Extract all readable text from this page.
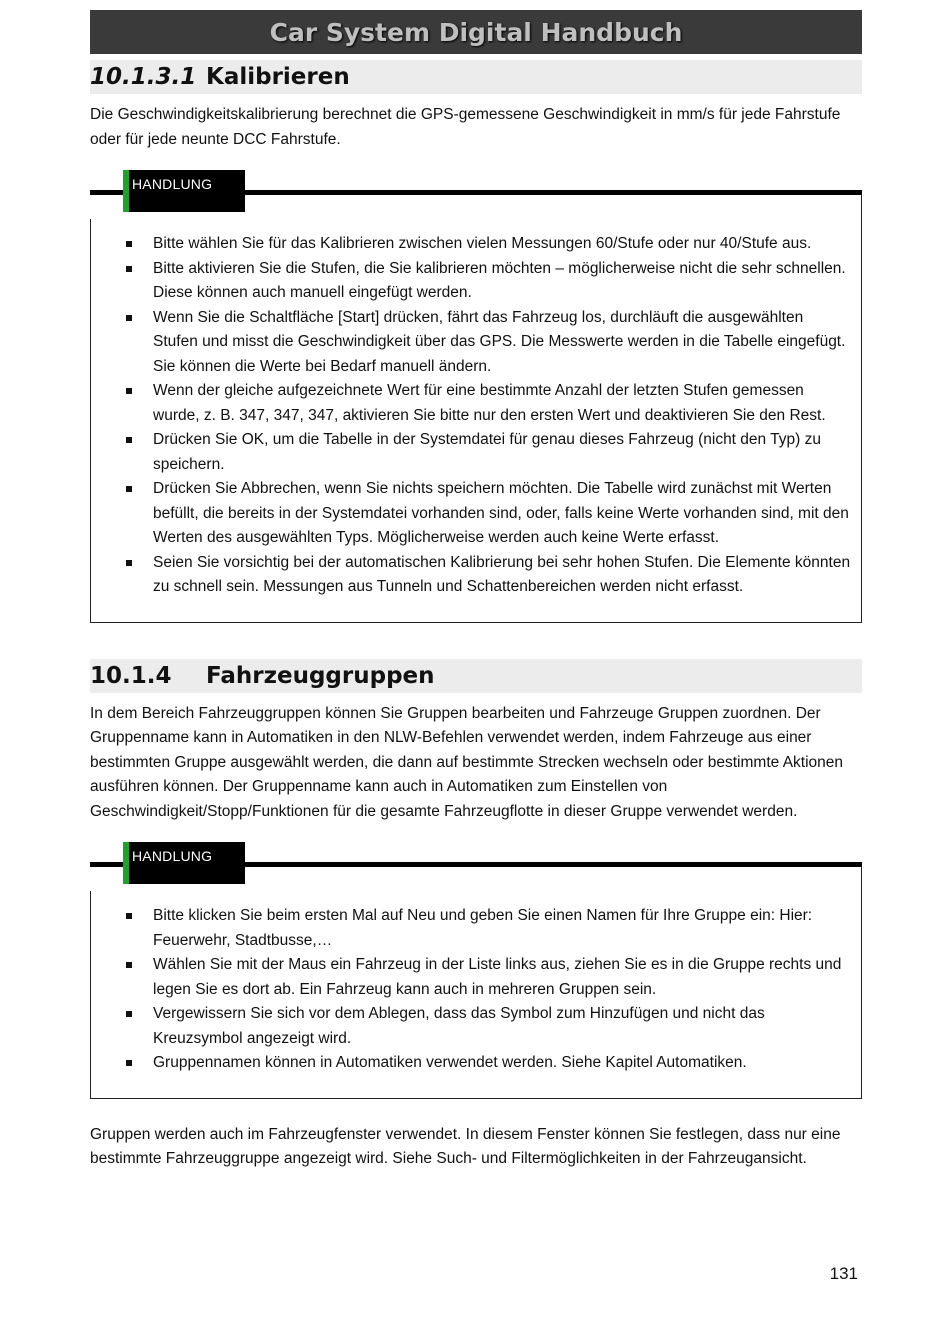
Car System Digital Handbuch
10.1.3.1 Kalibrieren

Die Geschwindigkeitskalibrierung berechnet die GPS-gemessene Geschwindigkeit in mm/s für jede Fahrstufe oder für jede neunte DCC Fahrstufe.

HANDLUNG
Bitte wählen Sie für das Kalibrieren zwischen vielen Messungen 60/Stufe oder nur 40/Stufe aus.
Bitte aktivieren Sie die Stufen, die Sie kalibrieren möchten – möglicherweise nicht die sehr schnellen. Diese können auch manuell eingefügt werden.
Wenn Sie die Schaltfläche [Start] drücken, fährt das Fahrzeug los, durchläuft die ausgewählten Stufen und misst die Geschwindigkeit über das GPS. Die Messwerte werden in die Tabelle eingefügt. Sie können die Werte bei Bedarf manuell ändern.
Wenn der gleiche aufgezeichnete Wert für eine bestimmte Anzahl der letzten Stufen gemessen wurde, z. B. 347, 347, 347, aktivieren Sie bitte nur den ersten Wert und deaktivieren Sie den Rest.
Drücken Sie OK, um die Tabelle in der Systemdatei für genau dieses Fahrzeug (nicht den Typ) zu speichern.
Drücken Sie Abbrechen, wenn Sie nichts speichern möchten. Die Tabelle wird zunächst mit Werten befüllt, die bereits in der Systemdatei vorhanden sind, oder, falls keine Werte vorhanden sind, mit den Werten des ausgewählten Typs. Möglicherweise werden auch keine Werte erfasst.
Seien Sie vorsichtig bei der automatischen Kalibrierung bei sehr hohen Stufen. Die Elemente könnten zu schnell sein. Messungen aus Tunneln und Schattenbereichen werden nicht erfasst.
10.1.4	Fahrzeuggruppen

In dem Bereich Fahrzeuggruppen können Sie Gruppen bearbeiten und Fahrzeuge Gruppen zuordnen. Der Gruppenname kann in Automatiken in den NLW-Befehlen verwendet werden, indem Fahrzeuge aus einer bestimmten Gruppe ausgewählt werden, die dann auf bestimmte Strecken wechseln oder bestimmte Aktionen ausführen können. Der Gruppenname kann auch in Automatiken zum Einstellen von Geschwindigkeit/Stopp/Funktionen für die gesamte Fahrzeugflotte in dieser Gruppe verwendet werden.

HANDLUNG
Bitte klicken Sie beim ersten Mal auf Neu und geben Sie einen Namen für Ihre Gruppe ein: Hier: Feuerwehr, Stadtbusse,…
Wählen Sie mit der Maus ein Fahrzeug in der Liste links aus, ziehen Sie es in die Gruppe rechts und legen Sie es dort ab. Ein Fahrzeug kann auch in mehreren Gruppen sein.
Vergewissern Sie sich vor dem Ablegen, dass das Symbol zum Hinzufügen und nicht das Kreuzsymbol angezeigt wird.
Gruppennamen können in Automatiken verwendet werden. Siehe Kapitel Automatiken.

Gruppen werden auch im Fahrzeugfenster verwendet. In diesem Fenster können Sie festlegen, dass nur eine bestimmte Fahrzeuggruppe angezeigt wird. Siehe Such- und Filtermöglichkeiten in der Fahrzeugansicht.

131
